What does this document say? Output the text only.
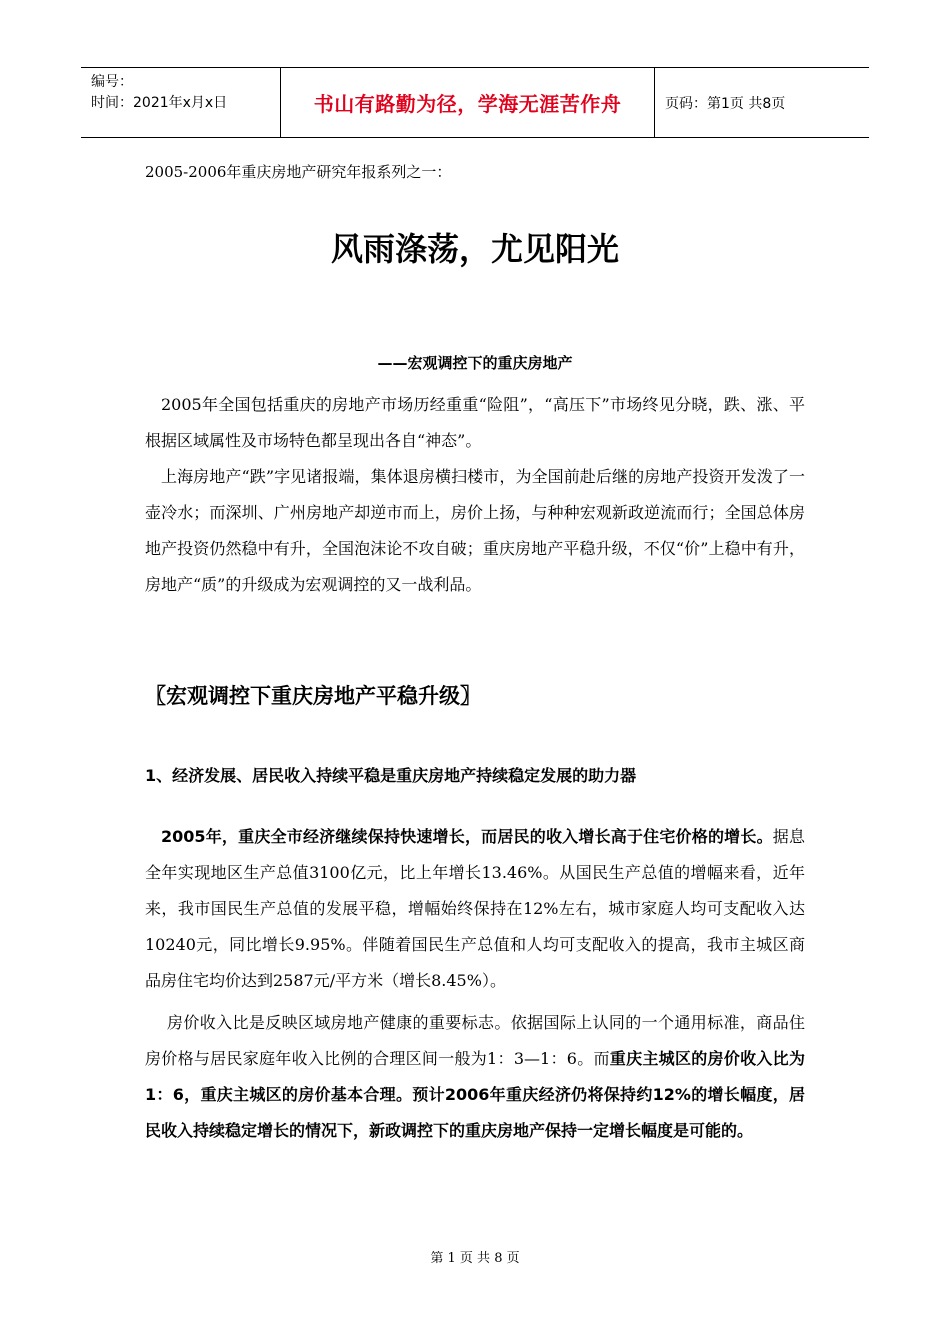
编号：
时间：2021年x月x日	书山有路勤为径，学海无涯苦作舟	页码：第1页 共8页
2005-2006年重庆房地产研究年报系列之一：
风雨涤荡，尤见阳光
——宏观调控下的重庆房地产

2005年全国包括重庆的房地产市场历经重重“险阻”，“高压下”市场终见分晓，跌、涨、平根据区域属性及市场特色都呈现出各自“神态”。

上海房地产“跌”字见诸报端，集体退房横扫楼市，为全国前赴后继的房地产投资开发泼了一壶冷水；而深圳、广州房地产却逆市而上，房价上扬，与种种宏观新政逆流而行；全国总体房地产投资仍然稳中有升，全国泡沫论不攻自破；重庆房地产平稳升级，不仅“价”上稳中有升，房地产“质”的升级成为宏观调控的又一战利品。

〖宏观调控下重庆房地产平稳升级〗
1、经济发展、居民收入持续平稳是重庆房地产持续稳定发展的助力器

2005年，重庆全市经济继续保持快速增长，而居民的收入增长高于住宅价格的增长。据息全年实现地区生产总值3100亿元，比上年增长13.46%。从国民生产总值的增幅来看，近年来，我市国民生产总值的发展平稳，增幅始终保持在12%左右，城市家庭人均可支配收入达10240元，同比增长9.95%。伴随着国民生产总值和人均可支配收入的提高，我市主城区商品房住宅均价达到2587元/平方米（增长8.45%）。

房价收入比是反映区域房地产健康的重要标志。依据国际上认同的一个通用标准，商品住房价格与居民家庭年收入比例的合理区间一般为1：3—1：6。而重庆主城区的房价收入比为1：6，重庆主城区的房价基本合理。预计2006年重庆经济仍将保持约12%的增长幅度，居民收入持续稳定增长的情况下，新政调控下的重庆房地产保持一定增长幅度是可能的。

第 1 页 共 8 页
